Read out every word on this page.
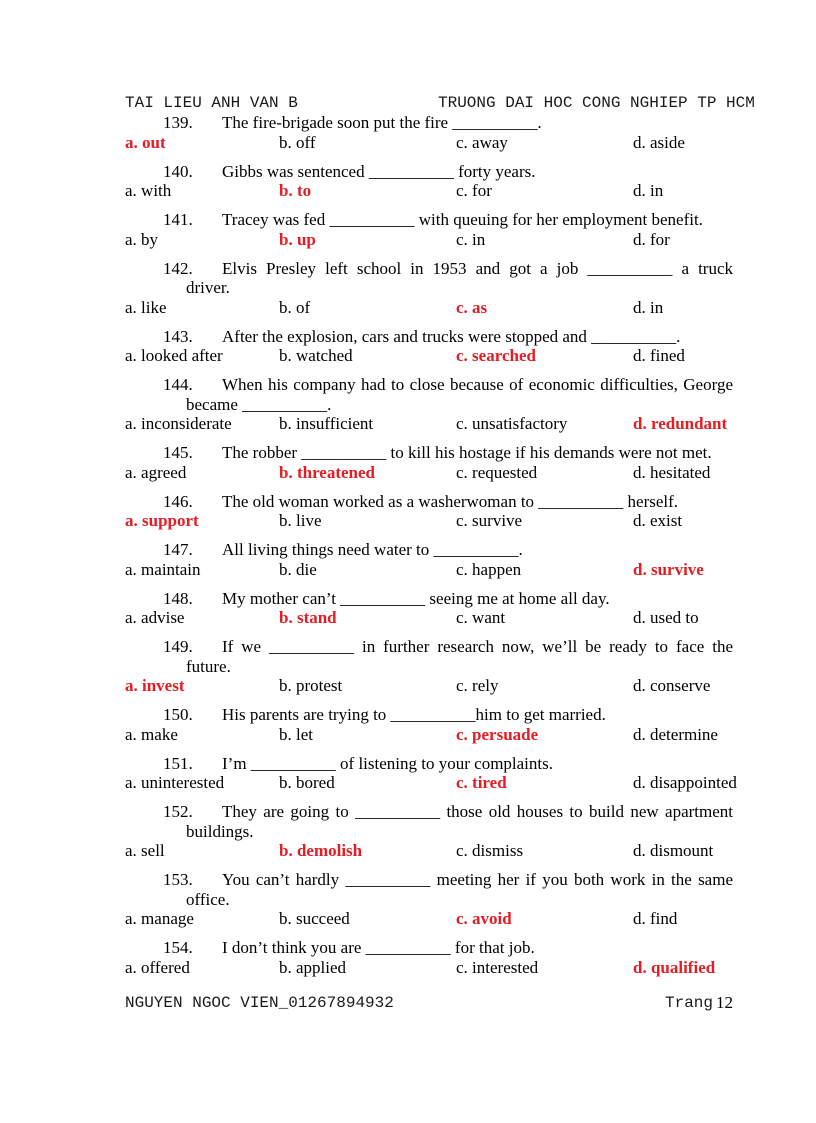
TAI LIEU ANH VAN B	TRUONG DAI HOC CONG NGHIEP TP HCM
139. The fire-brigade soon put the fire __________.
a. out	b. off	c. away	d. aside
140. Gibbs was sentenced __________ forty years.
a. with	b. to	c. for	d. in
141. Tracey was fed __________ with queuing for her employment benefit.
a. by	b. up	c. in	d. for
142. Elvis Presley left school in 1953 and got a job __________ a truck
driver.
a. like	b. of	c. as	d. in
143. After the explosion, cars and trucks were stopped and __________.
a. looked after	b. watched	c. searched	d. fined
144. When his company had to close because of economic difficulties, George
became __________.
a. inconsiderate	b. insufficient	c. unsatisfactory	d. redundant
145. The robber __________ to kill his hostage if his demands were not met.
a. agreed	b. threatened	c. requested	d. hesitated
146. The old woman worked as a washerwoman to __________ herself.
a. support	b. live	c. survive	d. exist
147. All living things need water to __________.
a. maintain	b. die	c. happen	d. survive
148. My mother can’t __________ seeing me at home all day.
a. advise	b. stand	c. want	d. used to
149. If we __________ in further research now, we’ll be ready to face the
future.
a. invest	b. protest	c. rely	d. conserve
150. His parents are trying to __________him to get married.
a. make	b. let	c. persuade	d. determine
151. I’m __________ of listening to your complaints.
a. uninterested	b. bored	c. tired	d. disappointed
152. They are going to __________ those old houses to build new apartment
buildings.
a. sell	b. demolish	c. dismiss	d. dismount
153. You can’t hardly __________ meeting her if you both work in the same
office.
a. manage	b. succeed	c. avoid	d. find
154. I don’t think you are __________ for that job.
a. offered	b. applied	c. interested	d. qualified
NGUYEN NGOC VIEN_01267894932	Trang 12
